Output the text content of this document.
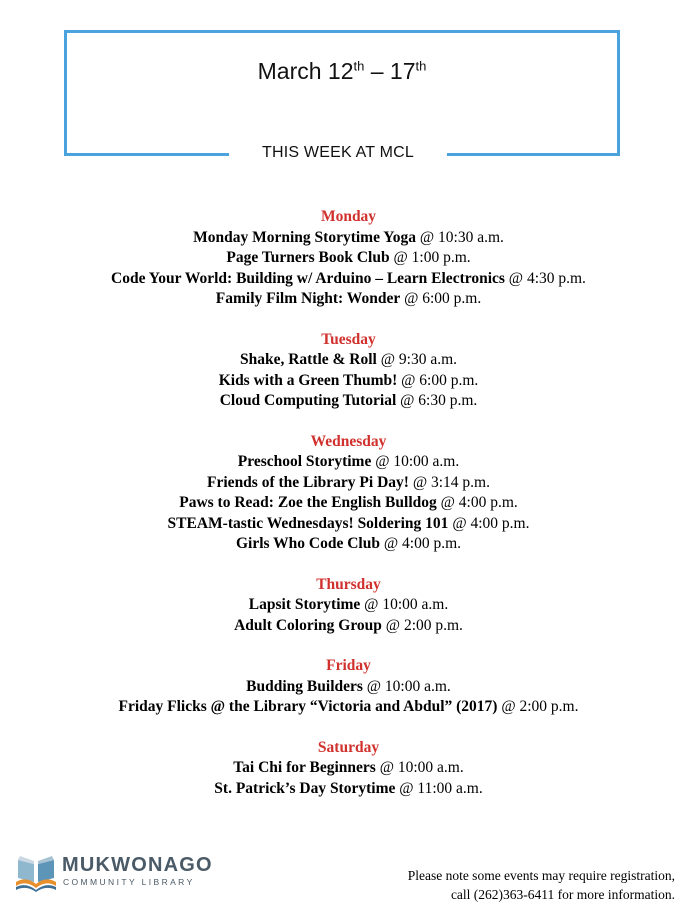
March 12th – 17th
THIS WEEK AT MCL
Monday
Monday Morning Storytime Yoga @ 10:30 a.m.
Page Turners Book Club @ 1:00 p.m.
Code Your World: Building w/ Arduino – Learn Electronics @ 4:30 p.m.
Family Film Night: Wonder @ 6:00 p.m.
Tuesday
Shake, Rattle & Roll @ 9:30 a.m.
Kids with a Green Thumb! @ 6:00 p.m.
Cloud Computing Tutorial @ 6:30 p.m.
Wednesday
Preschool Storytime @ 10:00 a.m.
Friends of the Library Pi Day! @ 3:14 p.m.
Paws to Read: Zoe the English Bulldog @ 4:00 p.m.
STEAM-tastic Wednesdays! Soldering 101 @ 4:00 p.m.
Girls Who Code Club @ 4:00 p.m.
Thursday
Lapsit Storytime @ 10:00 a.m.
Adult Coloring Group @ 2:00 p.m.
Friday
Budding Builders @ 10:00 a.m.
Friday Flicks @ the Library “Victoria and Abdul” (2017) @ 2:00 p.m.
Saturday
Tai Chi for Beginners @ 10:00 a.m.
St. Patrick’s Day Storytime @ 11:00 a.m.
MUKWONAGO
COMMUNITY LIBRARY	Please note some events may require registration,
call (262)363-6411 for more information.
